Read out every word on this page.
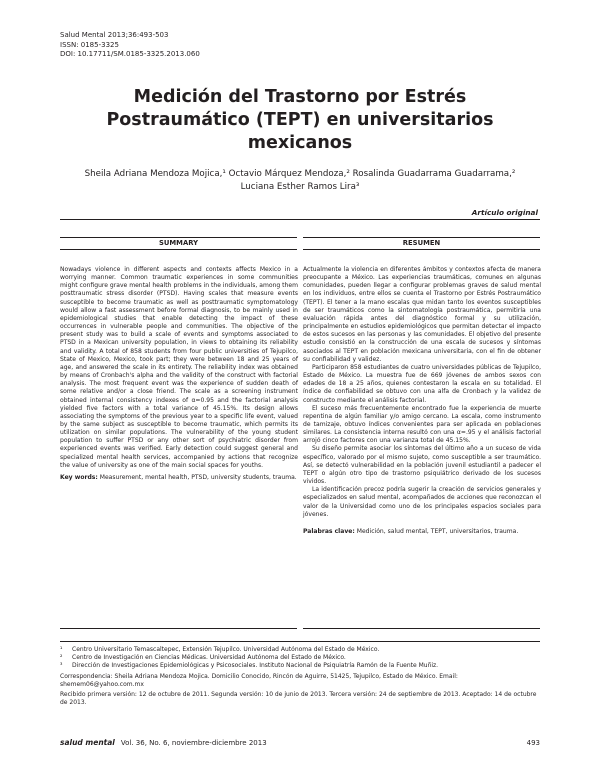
Salud Mental 2013;36:493-503
ISSN: 0185-3325
DOI: 10.17711/SM.0185-3325.2013.060
Medición del Trastorno por Estrés
Postraumático (TEPT) en universitarios
mexicanos
Sheila Adriana Mendoza Mojica,¹ Octavio Márquez Mendoza,² Rosalinda Guadarrama Guadarrama,²
Luciana Esther Ramos Lira³
Artículo original
SUMMARY

Nowadays violence in different aspects and contexts affects Mexico in a worrying manner. Common traumatic experiences in some communities might configure grave mental health problems in the individuals, among them posttraumatic stress disorder (PTSD). Having scales that measure events susceptible to become traumatic as well as posttraumatic symptomatology would allow a fast assessment before formal diagnosis, to be mainly used in epidemiological studies that enable detecting the impact of these occurrences in vulnerable people and communities. The objective of the present study was to build a scale of events and symptoms associated to PTSD in a Mexican university population, in views to obtaining its reliability and validity. A total of 858 students from four public universities of Tejupilco, State of Mexico, Mexico, took part; they were between 18 and 25 years of age, and answered the scale in its entirety. The reliability index was obtained by means of Cronbach's alpha and the validity of the construct with factorial analysis. The most frequent event was the experience of sudden death of some relative and/or a close friend. The scale as a screening instrument obtained internal consistency indexes of α=0.95 and the factorial analysis yielded five factors with a total variance of 45.15%. Its design allows associating the symptoms of the previous year to a specific life event, valued by the same subject as susceptible to become traumatic, which permits its utilization on similar populations. The vulnerability of the young student population to suffer PTSD or any other sort of psychiatric disorder from experienced events was verified. Early detection could suggest general and specialized mental health services, accompanied by actions that recognize the value of university as one of the main social spaces for youths.

Key words: Measurement, mental health, PTSD, university students, trauma.

RESUMEN

Actualmente la violencia en diferentes ámbitos y contextos afecta de manera preocupante a México. Las experiencias traumáticas, comunes en algunas comunidades, pueden llegar a configurar problemas graves de salud mental en los individuos, entre ellos se cuenta el Trastorno por Estrés Postraumático (TEPT). El tener a la mano escalas que midan tanto los eventos susceptibles de ser traumáticos como la sintomatología postraumática, permitiría una evaluación rápida antes del diagnóstico formal y su utilización, principalmente en estudios epidemiológicos que permitan detectar el impacto de estos sucesos en las personas y las comunidades. El objetivo del presente estudio consistió en la construcción de una escala de sucesos y síntomas asociados al TEPT en población mexicana universitaria, con el fin de obtener su confiabilidad y validez.

Participaron 858 estudiantes de cuatro universidades públicas de Tejupilco, Estado de México. La muestra fue de 669 jóvenes de ambos sexos con edades de 18 a 25 años, quienes contestaron la escala en su totalidad. El índice de confiabilidad se obtuvo con una alfa de Cronbach y la validez de constructo mediante el análisis factorial.

El suceso más frecuentemente encontrado fue la experiencia de muerte repentina de algún familiar y/o amigo cercano. La escala, como instrumento de tamizaje, obtuvo índices convenientes para ser aplicada en poblaciones similares. La consistencia interna resultó con una α=.95 y el análisis factorial arrojó cinco factores con una varianza total de 45.15%.

Su diseño permite asociar los síntomas del último año a un suceso de vida específico, valorado por el mismo sujeto, como susceptible a ser traumático. Así, se detectó vulnerabilidad en la población juvenil estudiantil a padecer el TEPT o algún otro tipo de trastorno psiquiátrico derivado de los sucesos vividos.

La identificación precoz podría sugerir la creación de servicios generales y especializados en salud mental, acompañados de acciones que reconozcan el valor de la Universidad como uno de los principales espacios sociales para jóvenes.

Palabras clave: Medición, salud mental, TEPT, universitarios, trauma.

¹	Centro Universitario Temascaltepec, Extensión Tejupilco. Universidad Autónoma del Estado de México.
²	Centro de Investigación en Ciencias Médicas. Universidad Autónoma del Estado de México.
³	Dirección de Investigaciones Epidemiológicas y Psicosociales. Instituto Nacional de Psiquiatría Ramón de la Fuente Muñiz.

Correspondencia: Sheila Adriana Mendoza Mojica. Domicilio Conocido, Rincón de Aguirre, 51425, Tejupilco, Estado de México. Email: shemem06@yahoo.com.mx

Recibido primera versión: 12 de octubre de 2011. Segunda versión: 10 de junio de 2013. Tercera versión: 24 de septiembre de 2013. Aceptado: 14 de octubre de 2013.

salud mental Vol. 36, No. 6, noviembre-diciembre 2013	493
